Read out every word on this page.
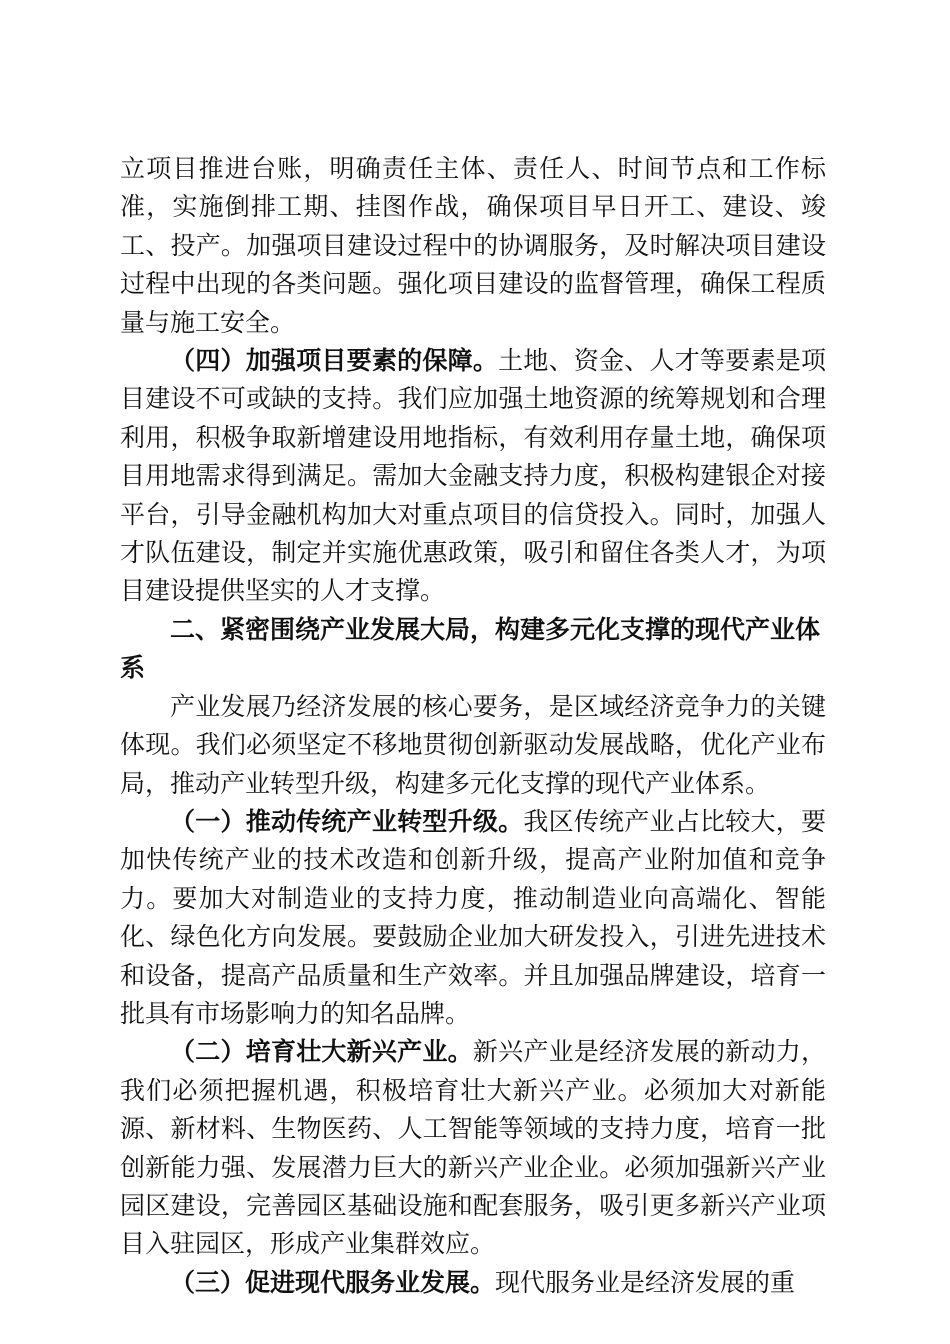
立项目推进台账，明确责任主体、责任人、时间节点和工作标准，实施倒排工期、挂图作战，确保项目早日开工、建设、竣工、投产。加强项目建设过程中的协调服务，及时解决项目建设过程中出现的各类问题。强化项目建设的监督管理，确保工程质量与施工安全。

（四）加强项目要素的保障。土地、资金、人才等要素是项目建设不可或缺的支持。我们应加强土地资源的统筹规划和合理利用，积极争取新增建设用地指标，有效利用存量土地，确保项目用地需求得到满足。需加大金融支持力度，积极构建银企对接平台，引导金融机构加大对重点项目的信贷投入。同时，加强人才队伍建设，制定并实施优惠政策，吸引和留住各类人才，为项目建设提供坚实的人才支撑。

二、紧密围绕产业发展大局，构建多元化支撑的现代产业体系

产业发展乃经济发展的核心要务，是区域经济竞争力的关键体现。我们必须坚定不移地贯彻创新驱动发展战略，优化产业布局，推动产业转型升级，构建多元化支撑的现代产业体系。

（一）推动传统产业转型升级。我区传统产业占比较大，要加快传统产业的技术改造和创新升级，提高产业附加值和竞争力。要加大对制造业的支持力度，推动制造业向高端化、智能化、绿色化方向发展。要鼓励企业加大研发投入，引进先进技术和设备，提高产品质量和生产效率。并且加强品牌建设，培育一批具有市场影响力的知名品牌。

（二）培育壮大新兴产业。新兴产业是经济发展的新动力，我们必须把握机遇，积极培育壮大新兴产业。必须加大对新能源、新材料、生物医药、人工智能等领域的支持力度，培育一批创新能力强、发展潜力巨大的新兴产业企业。必须加强新兴产业园区建设，完善园区基础设施和配套服务，吸引更多新兴产业项目入驻园区，形成产业集群效应。

（三）促进现代服务业发展。现代服务业是经济发展的重
